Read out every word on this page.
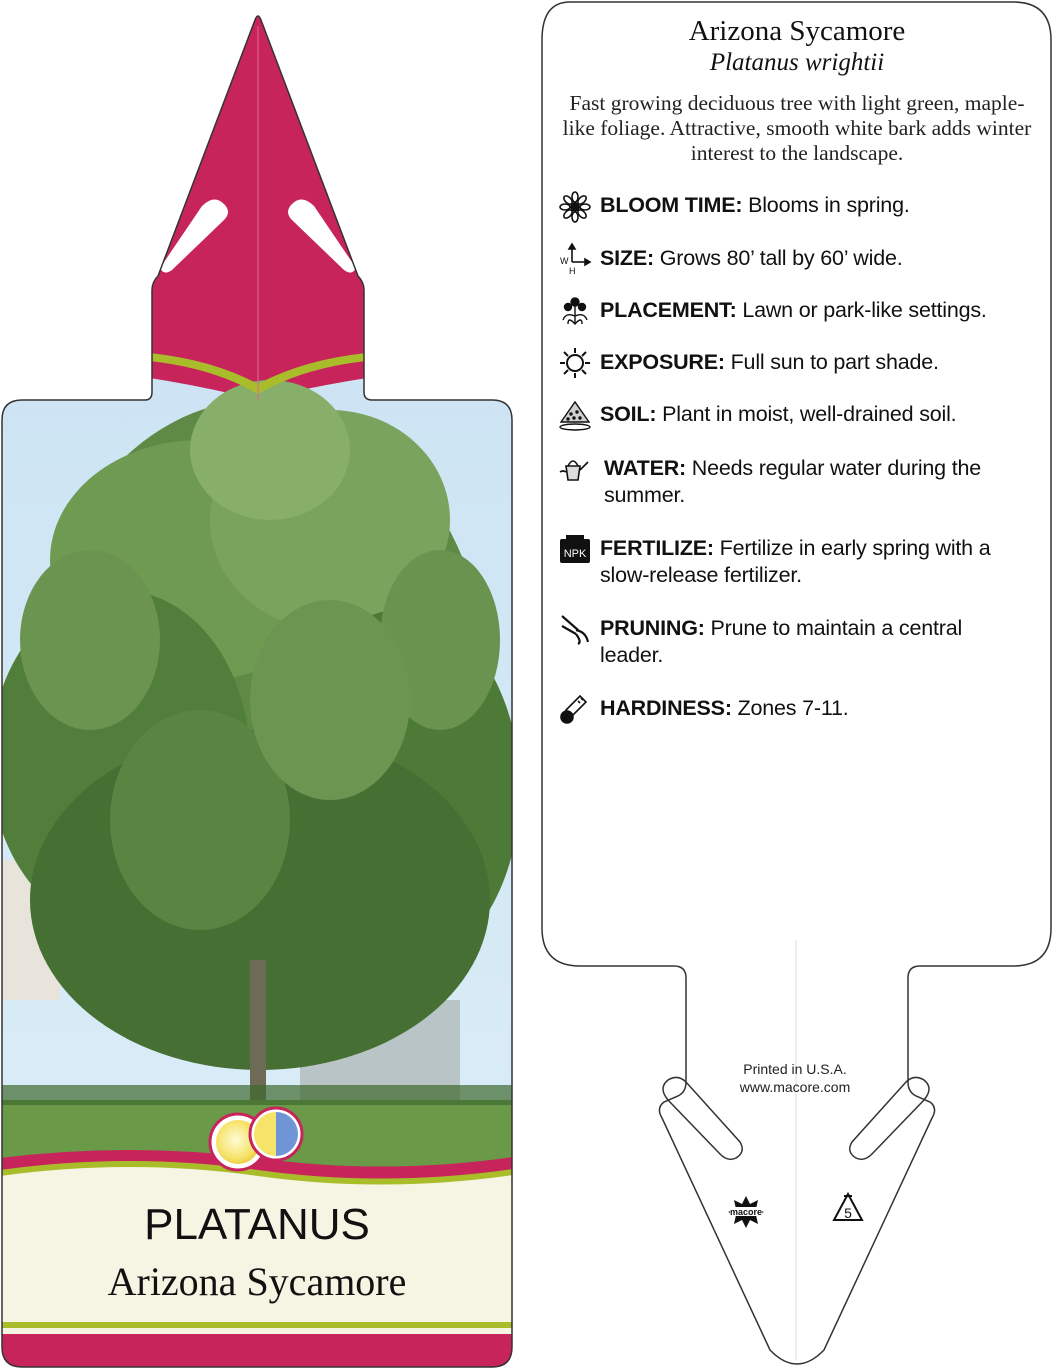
PLATANUS
Arizona Sycamore
macore	5
Arizona Sycamore
Platanus wrightii
Fast growing deciduous tree with light green, maple-like foliage. Attractive, smooth white bark adds winter interest to the landscape.
BLOOM TIME: Blooms in spring.
W
H
SIZE: Grows 80’ tall by 60’ wide.
PLACEMENT: Lawn or park-like settings.
EXPOSURE: Full sun to part shade.
SOIL: Plant in moist, well-drained soil.
WATER: Needs regular water during the summer.
NPK FERTILIZE: Fertilize in early spring with a slow-release fertilizer.
PRUNING: Prune to maintain a central leader.
HARDINESS: Zones 7-11.
Printed in U.S.A.
www.macore.com
